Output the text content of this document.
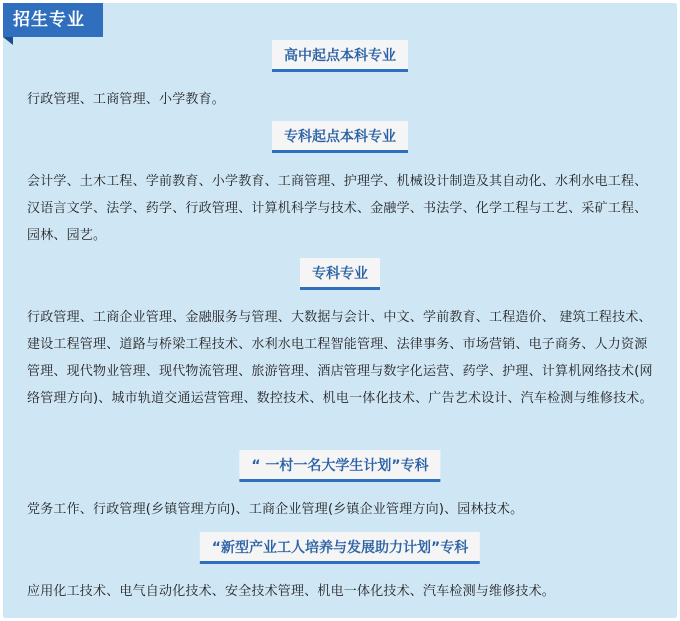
招生专业
高中起点本科专业
行政管理、工商管理、小学教育。
专科起点本科专业
会计学、土木工程、学前教育、小学教育、工商管理、护理学、机械设计制造及其自动化、水利水电工程、汉语言文学、法学、药学、行政管理、计算机科学与技术、金融学、书法学、化学工程与工艺、采矿工程、园林、园艺。
专科专业
行政管理、工商企业管理、金融服务与管理、大数据与会计、中文、学前教育、工程造价、 建筑工程技术、建设工程管理、道路与桥梁工程技术、水利水电工程智能管理、法律事务、市场营销、电子商务、人力资源管理、现代物业管理、现代物流管理、旅游管理、酒店管理与数字化运营、药学、护理、计算机网络技术(网络管理方向)、城市轨道交通运营管理、数控技术、机电一体化技术、广告艺术设计、汽车检测与维修技术。
“ 一村一名大学生计划”专科
党务工作、行政管理(乡镇管理方向)、工商企业管理(乡镇企业管理方向)、园林技术。
“新型产业工人培养与发展助力计划”专科
应用化工技术、电气自动化技术、安全技术管理、机电一体化技术、汽车检测与维修技术。
